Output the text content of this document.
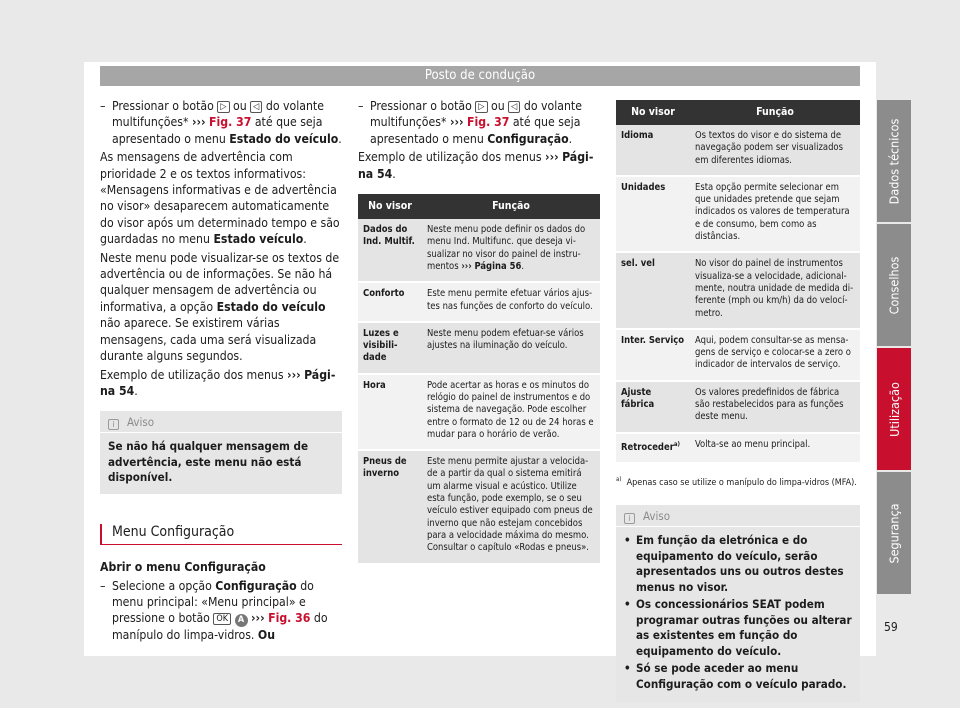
Posto de condução
– Pressionar o botão ▷ ou ◁ do volante multifunções* ››› Fig. 37 até que seja apresentado o menu Estado do veículo.

As mensagens de advertência com prioridade 2 e os textos informativos: «Mensagens informativas e de advertência no visor» desaparecem automaticamente do visor após um determinado tempo e são guardadas no menu Estado veículo.

Neste menu pode visualizar-se os textos de advertência ou de informações. Se não há qualquer mensagem de advertência ou informativa, a opção Estado do veículo não aparece. Se existirem várias mensagens, cada uma será visualizada durante alguns segundos.

Exemplo de utilização dos menus ››› Página 54.

i Aviso
Se não há qualquer mensagem de advertência, este menu não está disponível.
Menu Configuração

Abrir o menu Configuração

– Selecione a opção Configuração do menu principal: «Menu principal» e pressione o botão OK A ››› Fig. 36 do manípulo do limpa-vidros. Ou
– Pressionar o botão ▷ ou ◁ do volante multifunções* ››› Fig. 37 até que seja apresentado o menu Configuração.

Exemplo de utilização dos menus ››› Página 54.

No visor	Função
Dados do Ind. Multif.	Neste menu pode definir os dados do menu Ind. Multifunc. que deseja visualizar no visor do painel de instrumentos ››› Página 56.
Conforto	Este menu permite efetuar vários ajustes nas funções de conforto do veículo.
Luzes e visibilidade	Neste menu podem efetuar-se vários ajustes na iluminação do veículo.
Hora	Pode acertar as horas e os minutos do relógio do painel de instrumentos e do sistema de navegação. Pode escolher entre o formato de 12 ou de 24 horas e mudar para o horário de verão.
Pneus de inverno	Este menu permite ajustar a velocidade a partir da qual o sistema emitirá um alarme visual e acústico. Utilize esta função, pode exemplo, se o seu veículo estiver equipado com pneus de inverno que não estejam concebidos para a velocidade máxima do mesmo. Consultar o capítulo «Rodas e pneus».
No visor	Função
Idioma	Os textos do visor e do sistema de navegação podem ser visualizados em diferentes idiomas.
Unidades	Esta opção permite selecionar em que unidades pretende que sejam indicados os valores de temperatura e de consumo, bem como as distâncias.
sel. vel	No visor do painel de instrumentos visualiza-se a velocidade, adicionalmente, noutra unidade de medida diferente (mph ou km/h) da do velocímetro.
Inter. Serviço	Aqui, podem consultar-se as mensagens de serviço e colocar-se a zero o indicador de intervalos de serviço.
Ajuste fábrica	Os valores predefinidos de fábrica são restabelecidos para as funções deste menu.
Retroceder$^{a)}$	Volta-se ao menu principal.
$^{a)}$ Apenas caso se utilize o manípulo do limpa-vidros (MFA).
i Aviso
• Em função da eletrónica e do equipamento do veículo, serão apresentados uns ou outros destes menus no visor.
• Os concessionários SEAT podem programar outras funções ou alterar as existentes em função do equipamento do veículo.
• Só se pode aceder ao menu Configuração com o veículo parado.
Dados técnicos
Conselhos
Utilização
Segurança
59
